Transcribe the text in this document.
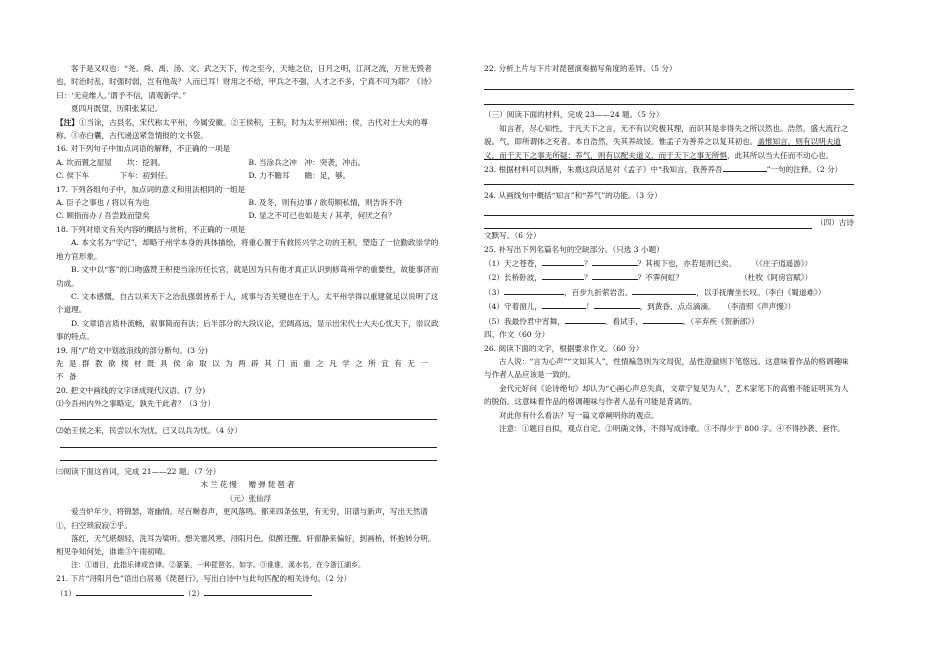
客于是又叹也：“尧、舜、禹、汤、文、武之天下，传之至今，天地之位，日月之明，江河之流，万世无毁者也，时治时乱，时强时弱，岂有他哉？人而已耳！财用之不给，甲兵之不强，人才之不多，宁真不可为耶？《诗》曰：‘无竞维人。’谓予不信，请观新学。”

夏四月既望，历阳张某记。

【注】①当涂，古县名，宋代称太平州，今属安徽。②王侯积，王积，时为太平州知州；侯，古代对士大夫的尊称。③赤白囊，古代递送紧急情报的文书袋。

16. 对下列句子中加点词语的解释，不正确的一项是

A. 坎而置之屋屋　　坎：挖洞。	B. 当涂兵之冲　冲：突袭，冲击。
C. 侯下车　　　　下车：初到任。	D. 力不瞻耳　　瞻：足，够。

17. 下列各组句子中，加点词的意义和用法相同的一组是

A. 臣子之事也 / 将以有为也	B. 及冬，则有边事 / 欲苟顺私情，则告诉不许
C. 顾指而办 / 吾尝跂而望矣	D. 显之不可已也如是夫 / 其孝，何厌之有？

18. 下列对原文有关内容的概括与赏析，不正确的一项是

A. 本文名为“学记”，却略于州学本身的具体描绘，将重心置于有救民兴学之功的王积，塑造了一位勤政崇学的地方官形象。

B. 文中以“客”的口吻盛赞王积使当涂历任长官，就是因为只有他才真正认识到修葺州学的重要性，故能事济而功成。

C. 文本感慨，自古以来天下之治乱强弱皆系于人，成事与否关键也在于人，太平州学得以重建就足以说明了这个道理。

D. 文章语言质朴流畅，叙事简而有法；后半部分的大段议论，宏阔高远，显示出宋代士大夫心忧天下，崇议政事的特点。

19. 用“/”给文中划波浪线的部分断句。(3 分)

先 是 群 教 欲 楼 材 既 具 侯 命 取 以 为 两 辟 其 门 而 重 之 凡 学 之 所 宜 有 无 一 不 备

20. 把文中画线的文字译成现代汉语。(7 分)

⑴今吾州内外之事略定，孰先于此者？（3 分）

⑵始王侯之来，民尝以水为忧，已又以兵为忧。（4 分）

㈢阅读下面这首词，完成 21——22 题。（7 分）

木兰花慢　赠弹琵琶者

（元）张仙浮

爱当炉年少，将锦瑟，寄幽情。尽百啭春声，更风落鸣。都来四条弦里，有无穷，旧谱与新声，写出天然谱①，扫空琐寂寂②乎。

落红，天气堪烟轻，洗耳为梁听。想关塞风寒，浔阳月色，似醉还醒。轩窗静来偏好，到画桥，怀抱转分明。相见争知何处，谁谁③午雨初晴。

注：①谱目，此指乐律或音律。②篆篆，一种琵琶名，如字。③谁谁，溪水名，在今浙江湖乡。

21. 下片“浔阳月色”语出白居易《琵琶行》，写出白诗中与此句匹配的相关诗句。（2 分）

（1）	（2）

22. 分析上片与下片对琵琶演奏描写角度的差异。（5 分）

（三）阅读下面的材料，完成 23——24 题。（5 分）

知言者，尽心知性，于凡天下之言，无不有以究极其理，而识其是非得失之所以然也。浩然，盛大流行之貌。气，即所谓体之充者。本自浩然，失其养故馁。惟孟子为善养之以复其初也。盖惟知言，则有以明夫道义，而于天下之事无所疑；养气，则有以配夫道义，而于天下之事无所惧，此其所以当大任而不动心也。

23. 根据材料可以判断，朱熹这段话是对《孟子》中“我知言，我善养吾	”一句的注释。（2 分）

24. 从画线句中概括“知言”和“养气”的功能。（3 分）

（四）古诗

文默写。（6 分）

25. 补写出下列名篇名句的空缺部分。（只选 3 小题）

（1）天之苍苍，	？	？其视下也，亦若是则已矣。　　　（《庄子逍遥游》）

（2）长桥卧波，	？	？不霁何虹？　　　　　　　　（杜牧《阿房宫赋》）

（3）	，百步九折萦岩峦。	，以手抚膺坐长叹。（李白《蜀道难》）

（4）守着窗儿，	！	，到黄昏、点点滴滴。　　（李清照《声声慢》）

（5）我最怜君中宵舞，	。看试手，	。（辛弃疾《贺新郎》）

四、作文（60 分）

26. 阅读下面的文字，根据要求作文。（60 分）

古人说：“言为心声”“文如其人”，性情褊急则为文局促，品性澄澈则下笔悠远。这意味着作品的格调趣味与作者人品应该是一致的。

金代元好问《论诗绝句》却认为“心画心声总失真，文章宁复见为人”，艺术家笔下的高雅不能证明其为人的脱俗。这意味着作品的格调趣味与作者人品有可能是背离的。

对此你有什么看法？写一篇文章阐明你的观点。

注意：①题目自拟，观点自定。②明确文体，不得写成诗歌。③不得少于 800 字。④不得抄袭、套作。
